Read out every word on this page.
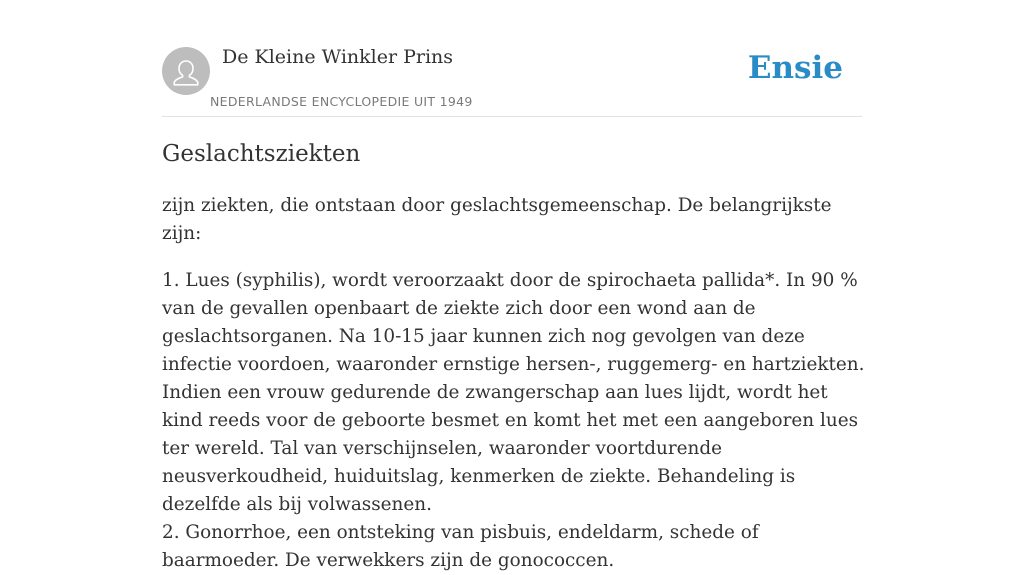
De Kleine Winkler Prins
NEDERLANDSE ENCYCLOPEDIE UIT 1949
Ensie
Geslachtsziekten

zijn ziekten, die ontstaan door geslachtsgemeenschap. De belangrijkste zijn:

1. Lues (syphilis), wordt veroorzaakt door de spirochaeta pallida*. In 90 % van de gevallen openbaart de ziekte zich door een wond aan de geslachtsorganen. Na 10-15 jaar kunnen zich nog gevolgen van deze infectie voordoen, waaronder ernstige hersen-, ruggemerg- en hartziekten. Indien een vrouw gedurende de zwangerschap aan lues lijdt, wordt het kind reeds voor de geboorte besmet en komt het met een aangeboren lues ter wereld. Tal van verschijnselen, waaronder voortdurende neusverkoudheid, huiduitslag, kenmerken de ziekte. Behandeling is dezelfde als bij volwassenen.

2. Gonorrhoe, een ontsteking van pisbuis, endeldarm, schede of baarmoeder. De verwekkers zijn de gonococcen.
